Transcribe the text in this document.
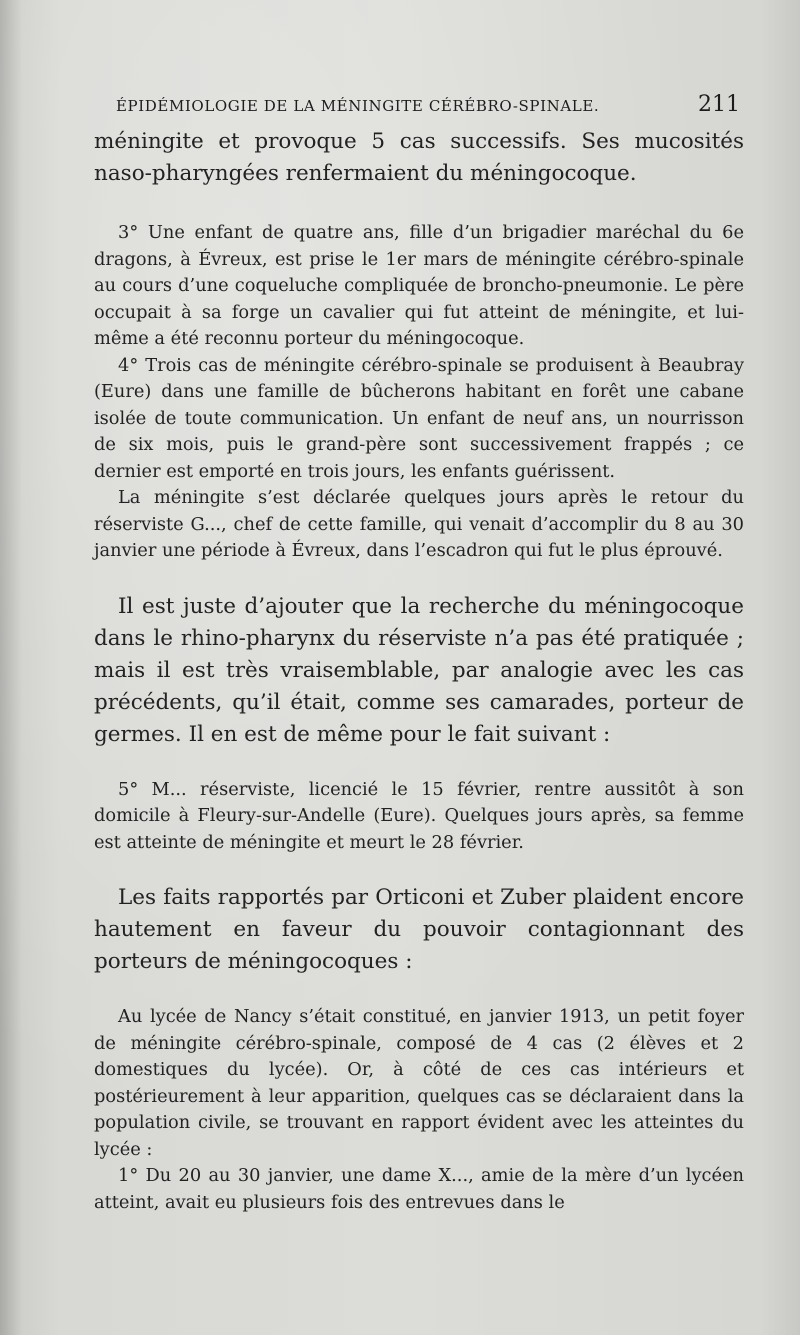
ÉPIDÉMIOLOGIE DE LA MÉNINGITE CÉRÉBRO-SPINALE.	211

méningite et provoque 5 cas successifs. Ses mucosités naso-pharyngées renfermaient du méningocoque.

3° Une enfant de quatre ans, fille d’un brigadier maréchal du 6e dragons, à Évreux, est prise le 1er mars de méningite cérébro-spinale au cours d’une coqueluche compliquée de broncho-pneumonie. Le père occupait à sa forge un cavalier qui fut atteint de méningite, et lui-même a été reconnu porteur du méningocoque.

4° Trois cas de méningite cérébro-spinale se produisent à Beaubray (Eure) dans une famille de bûcherons habitant en forêt une cabane isolée de toute communication. Un enfant de neuf ans, un nourrisson de six mois, puis le grand-père sont successivement frappés ; ce dernier est emporté en trois jours, les enfants guérissent.

La méningite s’est déclarée quelques jours après le retour du réserviste G..., chef de cette famille, qui venait d’accomplir du 8 au 30 janvier une période à Évreux, dans l’escadron qui fut le plus éprouvé.

Il est juste d’ajouter que la recherche du méningocoque dans le rhino-pharynx du réserviste n’a pas été pratiquée ; mais il est très vraisemblable, par analogie avec les cas précédents, qu’il était, comme ses camarades, porteur de germes. Il en est de même pour le fait suivant :

5° M... réserviste, licencié le 15 février, rentre aussitôt à son domicile à Fleury-sur-Andelle (Eure). Quelques jours après, sa femme est atteinte de méningite et meurt le 28 février.

Les faits rapportés par Orticoni et Zuber plaident encore hautement en faveur du pouvoir contagionnant des porteurs de méningocoques :

Au lycée de Nancy s’était constitué, en janvier 1913, un petit foyer de méningite cérébro-spinale, composé de 4 cas (2 élèves et 2 domestiques du lycée). Or, à côté de ces cas intérieurs et postérieurement à leur apparition, quelques cas se déclaraient dans la population civile, se trouvant en rapport évident avec les atteintes du lycée :

1° Du 20 au 30 janvier, une dame X..., amie de la mère d’un lycéen atteint, avait eu plusieurs fois des entrevues dans le
